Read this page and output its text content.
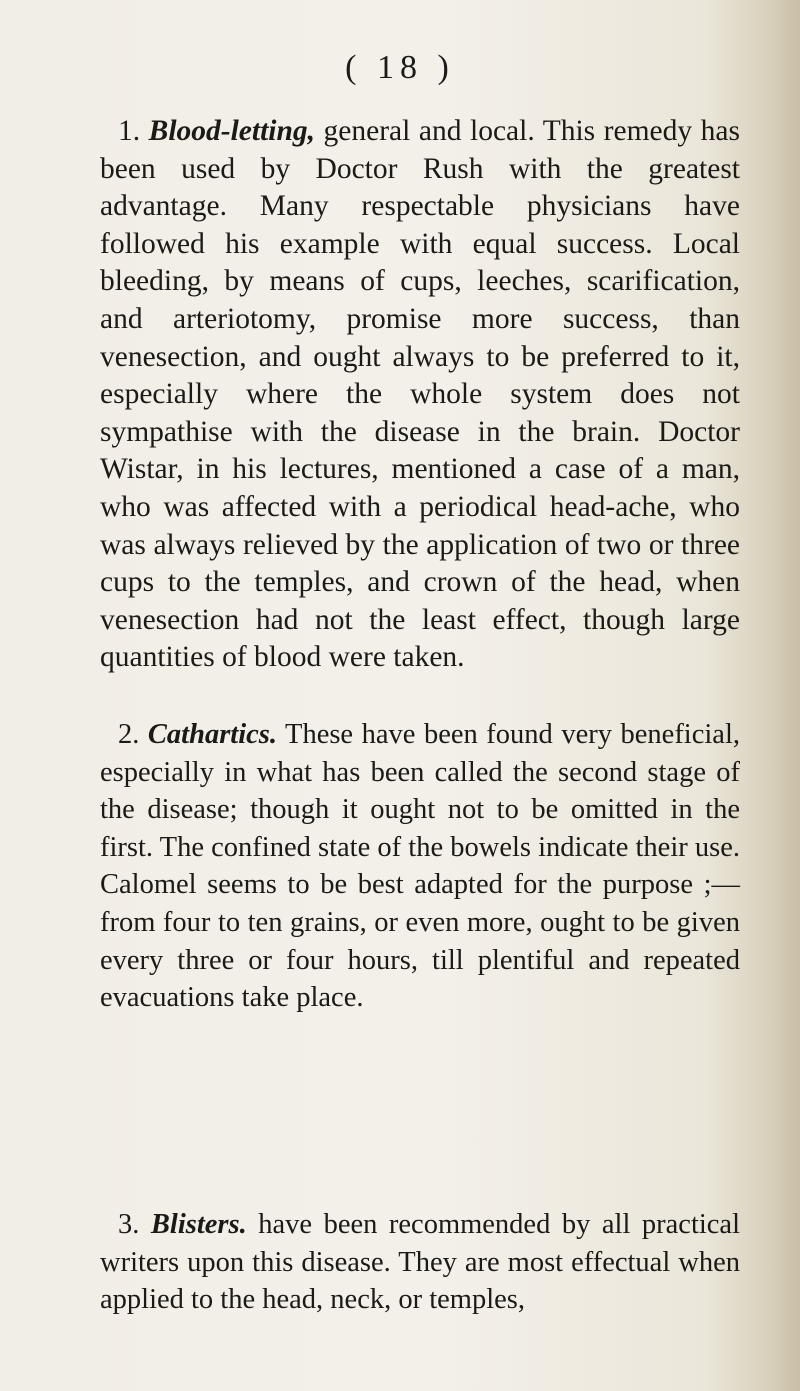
( 18 )

1. Blood-letting, general and local. This remedy has been used by Doctor Rush with the greatest advantage. Many respectable physicians have followed his example with equal success. Local bleeding, by means of cups, leeches, scarification, and arteriotomy, promise more success, than venesection, and ought always to be preferred to it, especially where the whole system does not sympathise with the disease in the brain. Doctor Wistar, in his lectures, mentioned a case of a man, who was affected with a periodical head-ache, who was always relieved by the application of two or three cups to the temples, and crown of the head, when venesection had not the least effect, though large quantities of blood were taken.

2. Cathartics. These have been found very beneficial, especially in what has been called the second stage of the disease; though it ought not to be omitted in the first. The confined state of the bowels indicate their use. Calomel seems to be best adapted for the purpose ;—from four to ten grains, or even more, ought to be given every three or four hours, till plentiful and repeated evacuations take place.

3. Blisters. have been recommended by all practical writers upon this disease. They are most effectual when applied to the head, neck, or temples,
